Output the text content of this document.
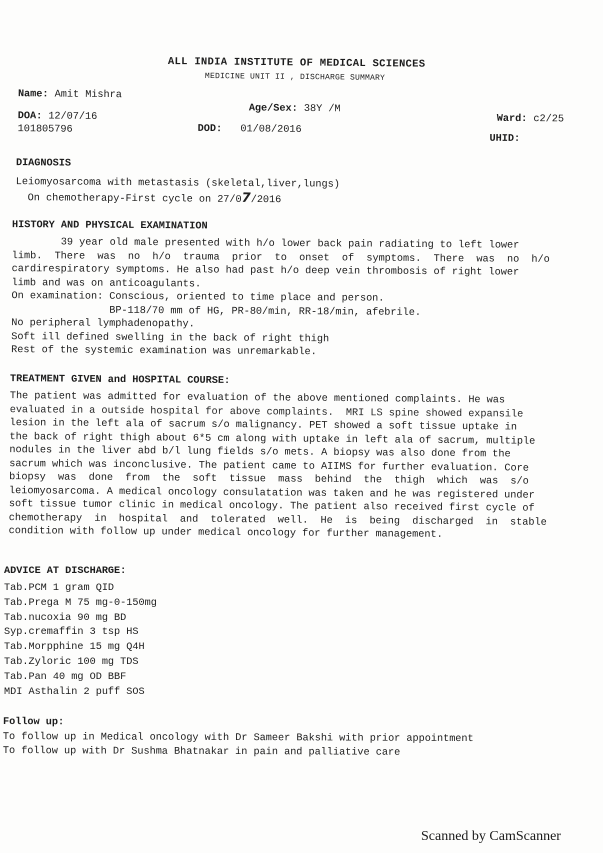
ALL INDIA INSTITUTE OF MEDICAL SCIENCES
MEDICINE UNIT II , DISCHARGE SUMMARY
Name: Amit Mishra
Age/Sex: 38Y /M
DOA: 12/07/16	Ward: c2/25
101805796	DOD: 01/08/2016
UHID:
DIAGNOSIS
Leiomyosarcoma with metastasis (skeletal,liver,lungs)
On chemotherapy-First cycle on 27/07/2016
HISTORY AND PHYSICAL EXAMINATION
39 year old male presented with h/o lower back pain radiating to left lower
limb.  There  was  no  h/o  trauma  prior  to  onset  of  symptoms.  There  was  no  h/o
cardirespiratory symptoms. He also had past h/o deep vein thrombosis of right lower
limb and was on anticoagulants.
On examination: Conscious, oriented to time place and person.
BP-118/70 mm of HG, PR-80/min, RR-18/min, afebrile.
No peripheral lymphadenopathy.
Soft ill defined swelling in the back of right thigh
Rest of the systemic examination was unremarkable.
TREATMENT GIVEN and HOSPITAL COURSE:
The patient was admitted for evaluation of the above mentioned complaints. He was
evaluated in a outside hospital for above complaints.  MRI LS spine showed expansile
lesion in the left ala of sacrum s/o malignancy. PET showed a soft tissue uptake in
the back of right thigh about 6*5 cm along with uptake in left ala of sacrum, multiple
nodules in the liver abd b/l lung fields s/o mets. A biopsy was also done from the
sacrum which was inconclusive. The patient came to AIIMS for further evaluation. Core
biopsy  was  done  from  the  soft  tissue  mass  behind  the  thigh  which  was  s/o
leiomyosarcoma. A medical oncology consulatation was taken and he was registered under
soft tissue tumor clinic in medical oncology. The patient also received first cycle of
chemotherapy  in  hospital  and  tolerated  well.  He  is  being  discharged  in  stable
condition with follow up under medical oncology for further management.
ADVICE AT DISCHARGE:
Tab.PCM 1 gram QID
Tab.Prega M 75 mg-0-150mg
Tab.nucoxia 90 mg BD
Syp.cremaffin 3 tsp HS
Tab.Morpphine 15 mg Q4H
Tab.Zyloric 100 mg TDS
Tab.Pan 40 mg OD BBF
MDI Asthalin 2 puff SOS
Follow up:
To follow up in Medical oncology with Dr Sameer Bakshi with prior appointment
To follow up with Dr Sushma Bhatnakar in pain and palliative care
Scanned by CamScanner
